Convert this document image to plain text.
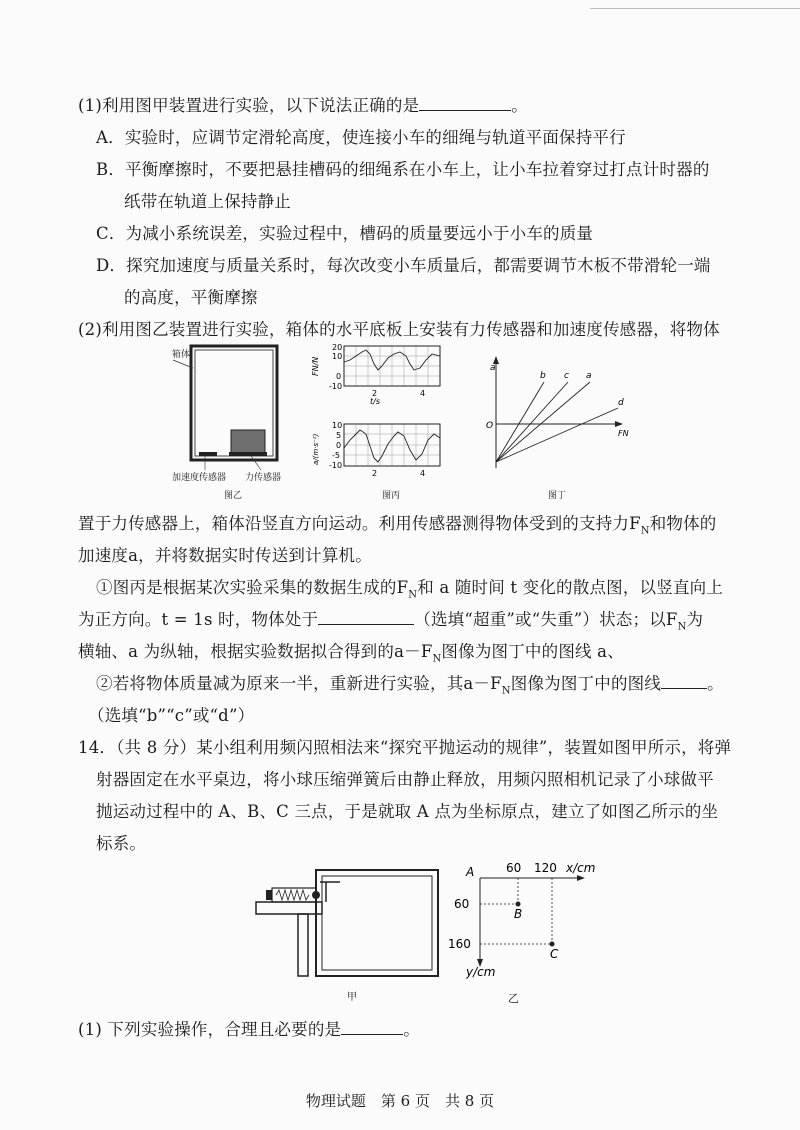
(1)利用图甲装置进行实验，以下说法正确的是	。
A．实验时，应调节定滑轮高度，使连接小车的细绳与轨道平面保持平行
B．平衡摩擦时，不要把悬挂槽码的细绳系在小车上，让小车拉着穿过打点计时器的
纸带在轨道上保持静止
C．为减小系统误差，实验过程中，槽码的质量要远小于小车的质量
D．探究加速度与质量关系时，每次改变小车质量后，都需要调节木板不带滑轮一端
的高度，平衡摩擦
(2)利用图乙装置进行实验，箱体的水平底板上安装有力传感器和加速度传感器，将物体
箱体
加速度传感器 力传感器
图乙
20
10
0
-10
2	4
t/s
FN/N
10
5
0
-5
-10
2	4
a/(m·s⁻²)
图丙
a
O
FN
b c a
d
图丁
置于力传感器上，箱体沿竖直方向运动。利用传感器测得物体受到的支持力$F_N$和物体的
加速度a，并将数据实时传送到计算机。
①图丙是根据某次实验采集的数据生成的$F_N$和 a 随时间 t 变化的散点图，以竖直向上
为正方向。t = 1s 时，物体处于	（选填“超重”或“失重”）状态；以$F_N$为
横轴、a 为纵轴，根据实验数据拟合得到的$a-F_N$图像为图丁中的图线 a、
②若将物体质量减为原来一半，重新进行实验，其$a-F_N$图像为图丁中的图线	。
（选填“b”“c”或“d”）
14．（共 8 分）某小组利用频闪照相法来“探究平抛运动的规律”，装置如图甲所示，将弹
射器固定在水平桌边，将小球压缩弹簧后由静止释放，用频闪照相机记录了小球做平
抛运动过程中的 A、B、C 三点，于是就取 A 点为坐标原点，建立了如图乙所示的坐
标系。
甲
A	60 120 x/cm
60
160
y/cm
B
C
乙
(1) 下列实验操作，合理且必要的是	。
物理试题　第 6 页　共 8 页
